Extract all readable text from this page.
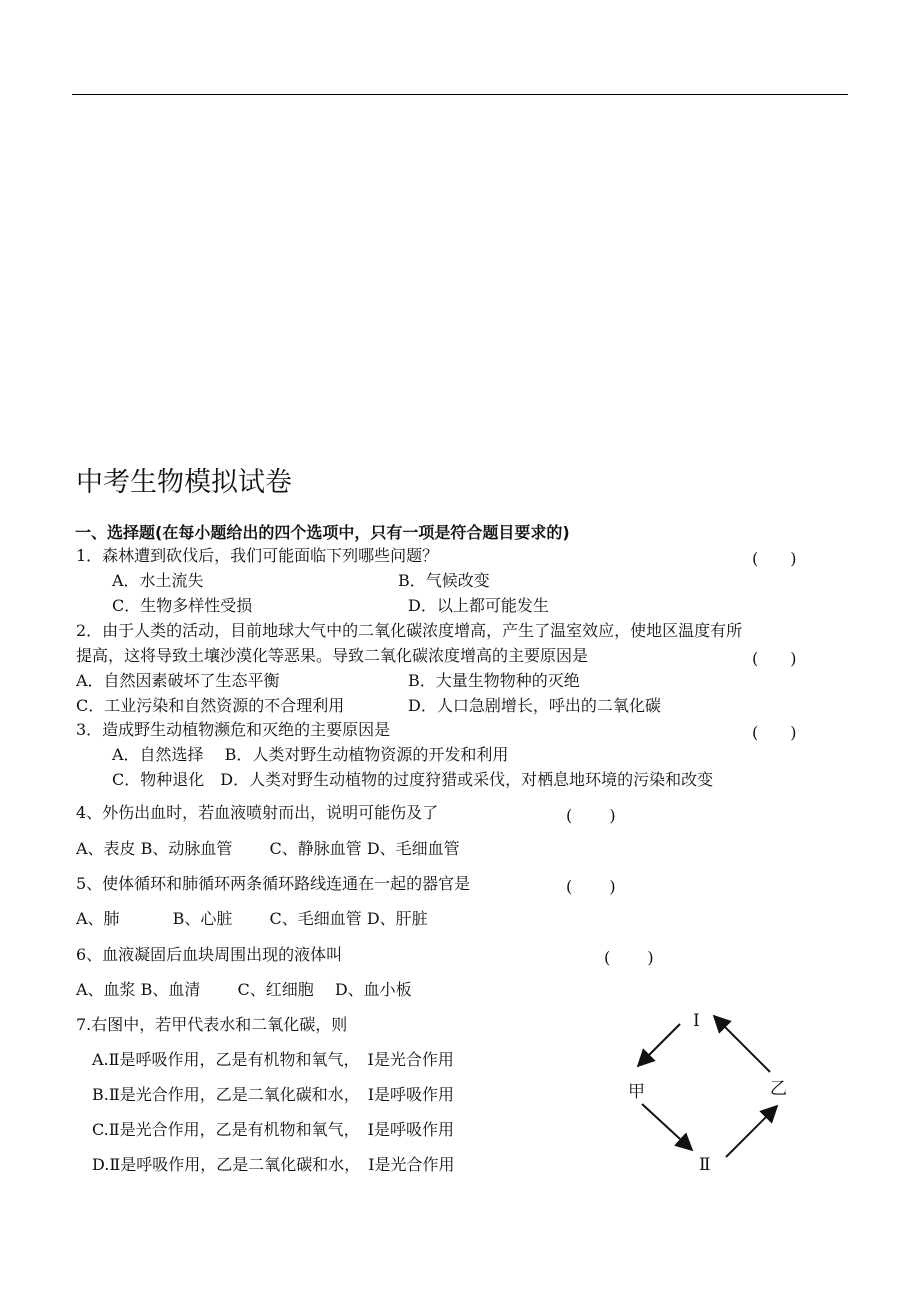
中考生物模拟试卷
一、选择题(在每小题给出的四个选项中，只有一项是符合题目要求的)
1．森林遭到砍伐后，我们可能面临下列哪些问题？	(　　)
A．水土流失	B．气候改变
C．生物多样性受损	D．以上都可能发生
2．由于人类的活动，目前地球大气中的二氧化碳浓度增高，产生了温室效应，使地区温度有所
提高，这将导致土壤沙漠化等恶果。导致二氧化碳浓度增高的主要原因是	(　　)
A．自然因素破坏了生态平衡	B．大量生物物种的灭绝
C．工业污染和自然资源的不合理利用	D．人口急剧增长，呼出的二氧化碳
3．造成野生动植物濒危和灭绝的主要原因是	(　　)
A．自然选择　 B．人类对野生动植物资源的开发和利用
C．物种退化　D．人类对野生动植物的过度狩猎或采伐，对栖息地环境的污染和改变
4、外伤出血时，若血液喷射而出，说明可能伤及了	(　　 )
A、表皮 B、动脉血管　　 C、静脉血管 D、毛细血管
5、使体循环和肺循环两条循环路线连通在一起的器官是	(　　 )
A、肺　　　 B、心脏　　 C、毛细血管 D、肝脏
6、血液凝固后血块周围出现的液体叫	(　　 )
A、血浆 B、血清　　 C、红细胞　 D、血小板
7.右图中，若甲代表水和二氧化碳，则
A.Ⅱ是呼吸作用，乙是有机物和氧气，　Ⅰ是光合作用
B.Ⅱ是光合作用，乙是二氧化碳和水，　Ⅰ是呼吸作用
C.Ⅱ是光合作用，乙是有机物和氧气，　Ⅰ是呼吸作用
D.Ⅱ是呼吸作用，乙是二氧化碳和水，　Ⅰ是光合作用
Ⅰ
甲	乙
Ⅱ
